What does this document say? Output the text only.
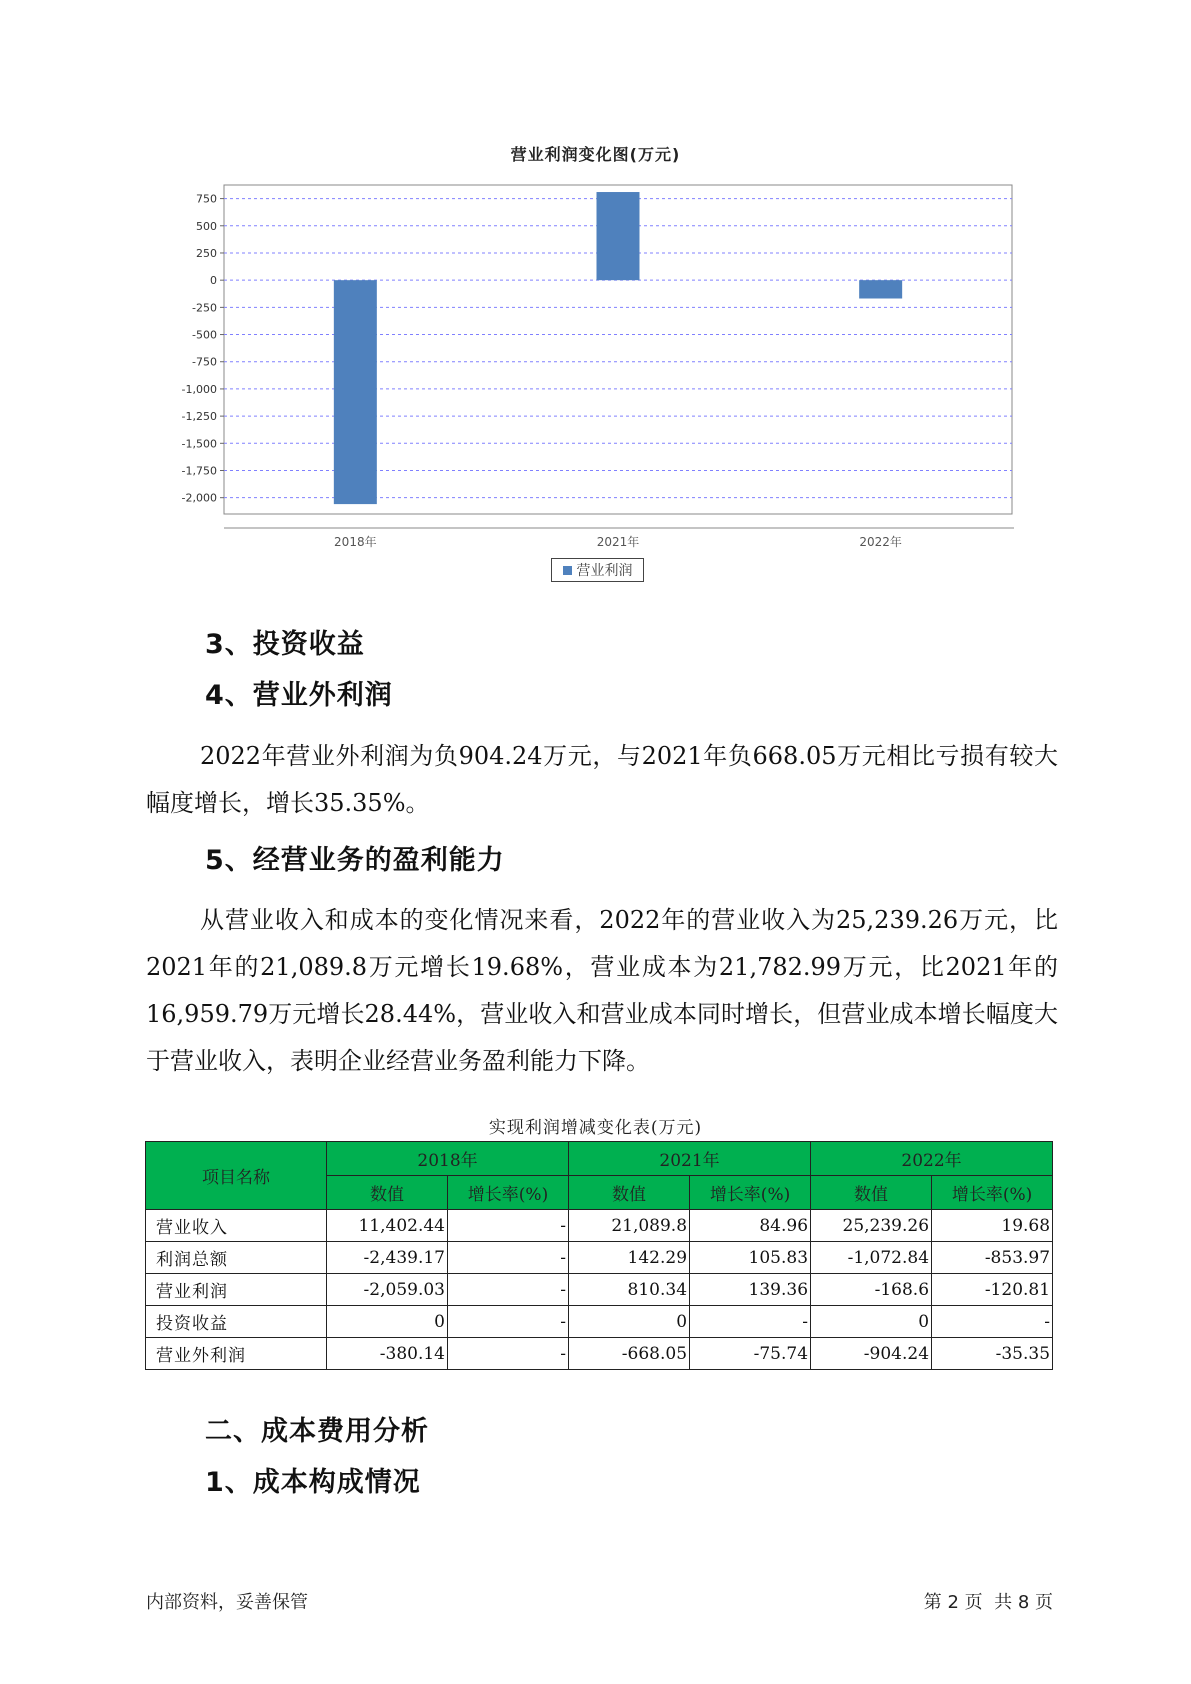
营业利润变化图(万元)
750
500
250
0
-250
-500
-750
-1,000
-1,250
-1,500
-1,750
-2,000
2018年	2021年	2022年
营业利润
3、投资收益
4、营业外利润
2022年营业外利润为负904.24万元，与2021年负668.05万元相比亏损有较大幅度增长，增长35.35%。
5、经营业务的盈利能力
从营业收入和成本的变化情况来看，2022年的营业收入为25,239.26万元，比2021年的21,089.8万元增长19.68%，营业成本为21,782.99万元，比2021年的16,959.79万元增长28.44%，营业收入和营业成本同时增长，但营业成本增长幅度大于营业收入，表明企业经营业务盈利能力下降。
实现利润增减变化表(万元)
项目名称	2018年		2021年		2022年	
	数值	增长率(%)	数值	增长率(%)	数值	增长率(%)
营业收入	11,402.44	-	21,089.8	84.96	25,239.26	19.68
利润总额	-2,439.17	-	142.29	105.83	-1,072.84	-853.97
营业利润	-2,059.03	-	810.34	139.36	-168.6	-120.81
投资收益	0	-	0	-	0	-
营业外利润	-380.14	-	-668.05	-75.74	-904.24	-35.35
二、成本费用分析
1、成本构成情况
内部资料，妥善保管	第 2 页  共 8 页
